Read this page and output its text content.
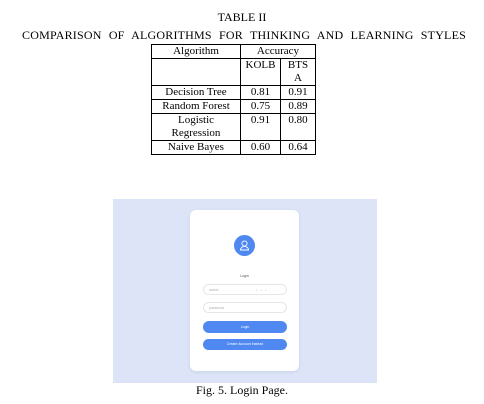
TABLE II
COMPARISON OF ALGORITHMS FOR THINKING AND LEARNING STYLES
Algorithm	Accuracy	
	KOLB	BTS
A
Decision Tree	0.81	0.91
Random Forest	0.75	0.89
Logistic
Regression	0.91	0.80
Naive Bayes	0.60	0.64
Login
admin	• • •
password
Login
Create Account Instead
Fig. 5. Login Page.
